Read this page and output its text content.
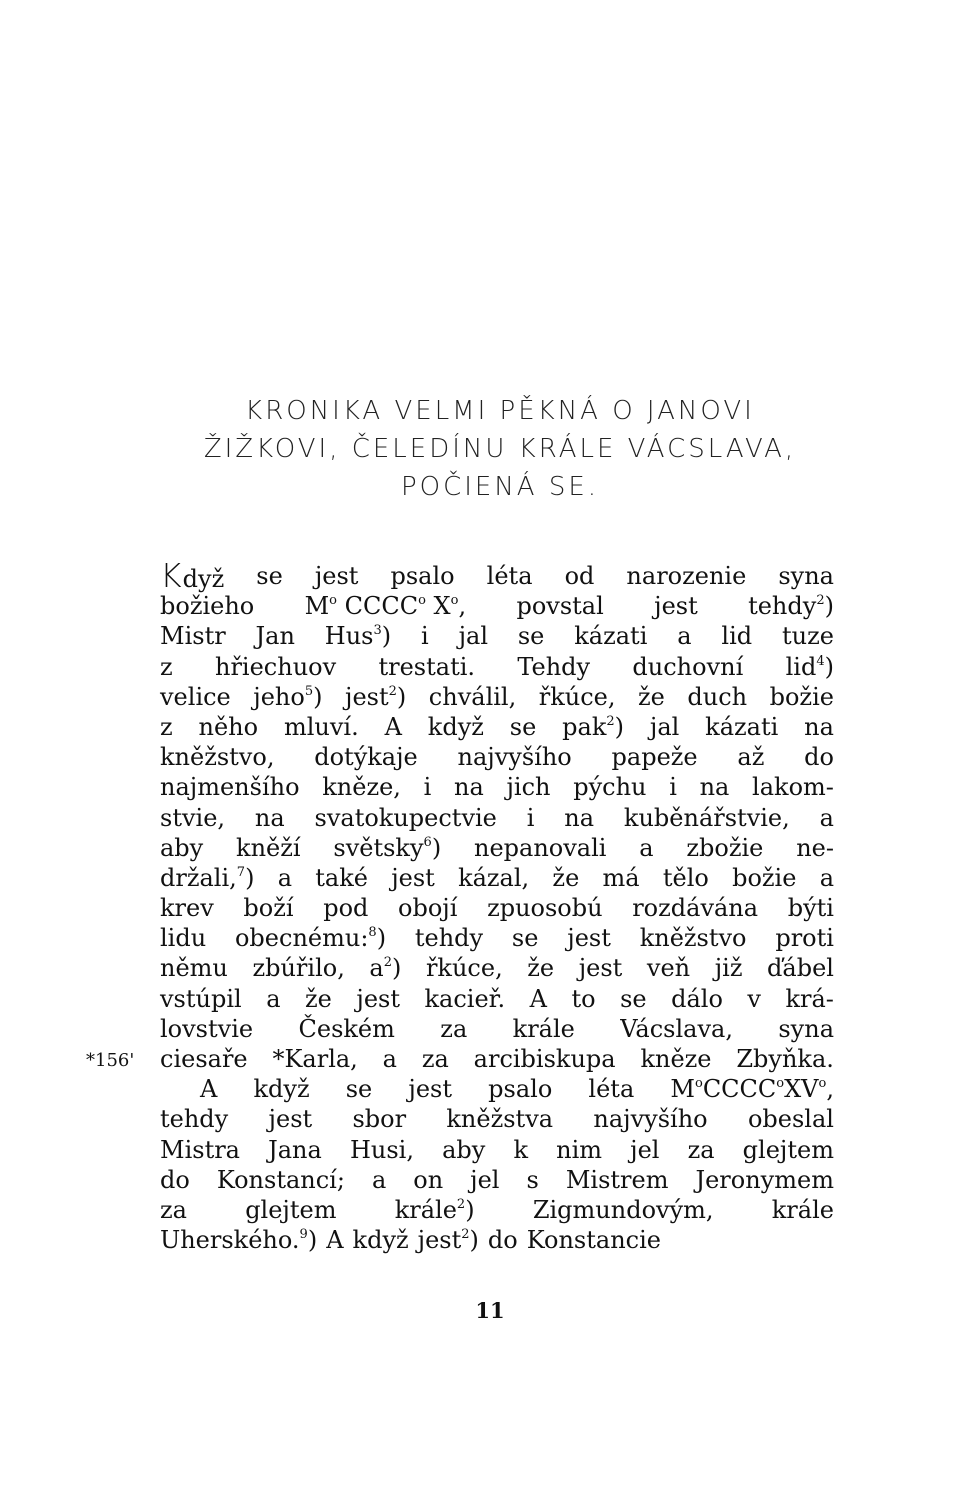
KRONIKA VELMI PĚKNÁ O JANOVI
ŽIŽKOVI, ČELEDÍNU KRÁLE VÁCSLAVA,
POČIENÁ SE.
Když se jest psalo léta od narozenie syna
božieho $M^o$ CCCC$^o$ $X^o$, povstal jest tehdy$^2$)
Mistr Jan Hus$^3$) i jal se kázati a lid tuze
z hřiechuov trestati. Tehdy duchovní lid$^4$)
velice jeho$^5$) jest$^2$) chválil, řkúce, že duch božie
z něho mluví. A když se pak$^2$) jal kázati na
kněžstvo, dotýkaje najvyšího papeže až do
najmenšího kněze, i na jich pýchu i na lakom-
stvie, na svatokupectvie i na kuběnářstvie, a
aby kněží světsky$^6$) nepanovali a zbožie ne-
držali,$^7$) a také jest kázal, že má tělo božie a
krev boží pod obojí zpuosobú rozdávána býti
lidu obecnému:$^8$) tehdy se jest kněžstvo proti
němu zbúřilo, $a^2$) řkúce, že jest veň již ďábel
vstúpil a že jest kacieř. A to se dálo v krá-
lovstvie Českém za krále Vácslava, syna
ciesaře *Karla, a za arcibiskupa kněze Zbyňka.
A když se jest psalo léta $M^oCCCC^oXV^o$,
tehdy jest sbor kněžstva najvyšího obeslal
Mistra Jana Husi, aby k nim jel za glejtem
do Konstancí; a on jel s Mistrem Jeronymem
za glejtem krále$^2$) Zigmundovým, krále
Uherského.$^9$) A když jest$^2$) do Konstancie
*156'
11
